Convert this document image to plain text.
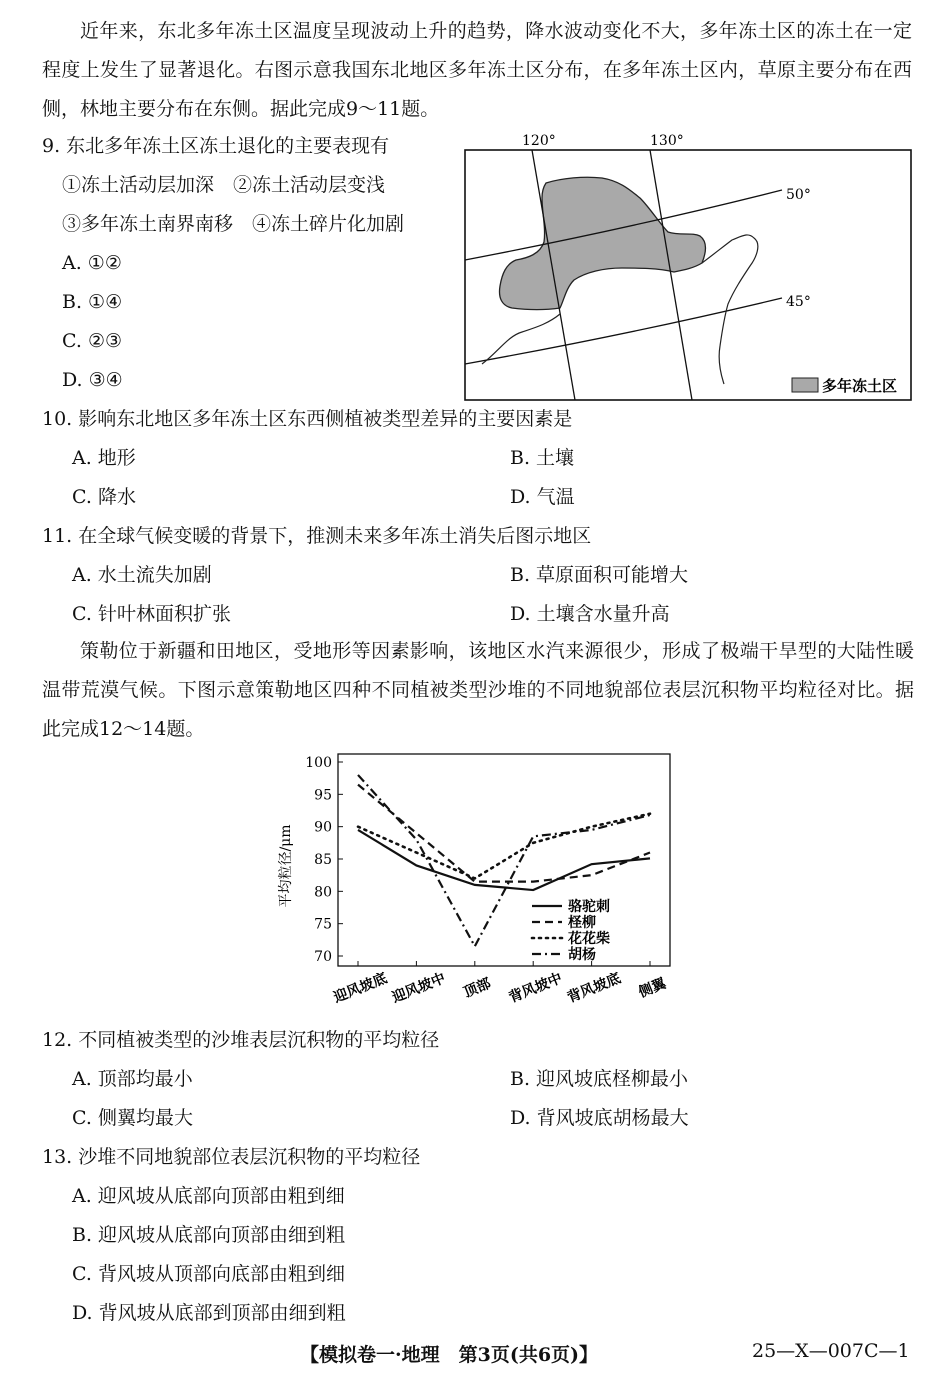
近年来，东北多年冻土区温度呈现波动上升的趋势，降水波动变化不大，多年冻土区的冻土在一定程度上发生了显著退化。右图示意我国东北地区多年冻土区分布，在多年冻土区内，草原主要分布在西侧，林地主要分布在东侧。据此完成9～11题。
9. 东北多年冻土区冻土退化的主要表现有
①冻土活动层加深　②冻土活动层变浅
③多年冻土南界南移　④冻土碎片化加剧
A. ①②
B. ①④
C. ②③
D. ③④
120°	130°
50°
45°
多年冻土区
10. 影响东北地区多年冻土区东西侧植被类型差异的主要因素是
A. 地形	B. 土壤
C. 降水	D. 气温
11. 在全球气候变暖的背景下，推测未来多年冻土消失后图示地区
A. 水土流失加剧	B. 草原面积可能增大
C. 针叶林面积扩张	D. 土壤含水量升高
策勒位于新疆和田地区，受地形等因素影响，该地区水汽来源很少，形成了极端干旱型的大陆性暖温带荒漠气候。下图示意策勒地区四种不同植被类型沙堆的不同地貌部位表层沉积物平均粒径对比。据此完成12～14题。
平均粒径/μm
100
95
90
85
80
75
70
迎风坡底 迎风坡中 顶部 背风坡中 背风坡底 侧翼
骆驼刺
柽柳
花花柴
胡杨
12. 不同植被类型的沙堆表层沉积物的平均粒径
A. 顶部均最小	B. 迎风坡底柽柳最小
C. 侧翼均最大	D. 背风坡底胡杨最大
13. 沙堆不同地貌部位表层沉积物的平均粒径
A. 迎风坡从底部向顶部由粗到细
B. 迎风坡从底部向顶部由细到粗
C. 背风坡从顶部向底部由粗到细
D. 背风坡从底部到顶部由细到粗
【模拟卷一·地理　第3页(共6页)】	25—X—007C—1
